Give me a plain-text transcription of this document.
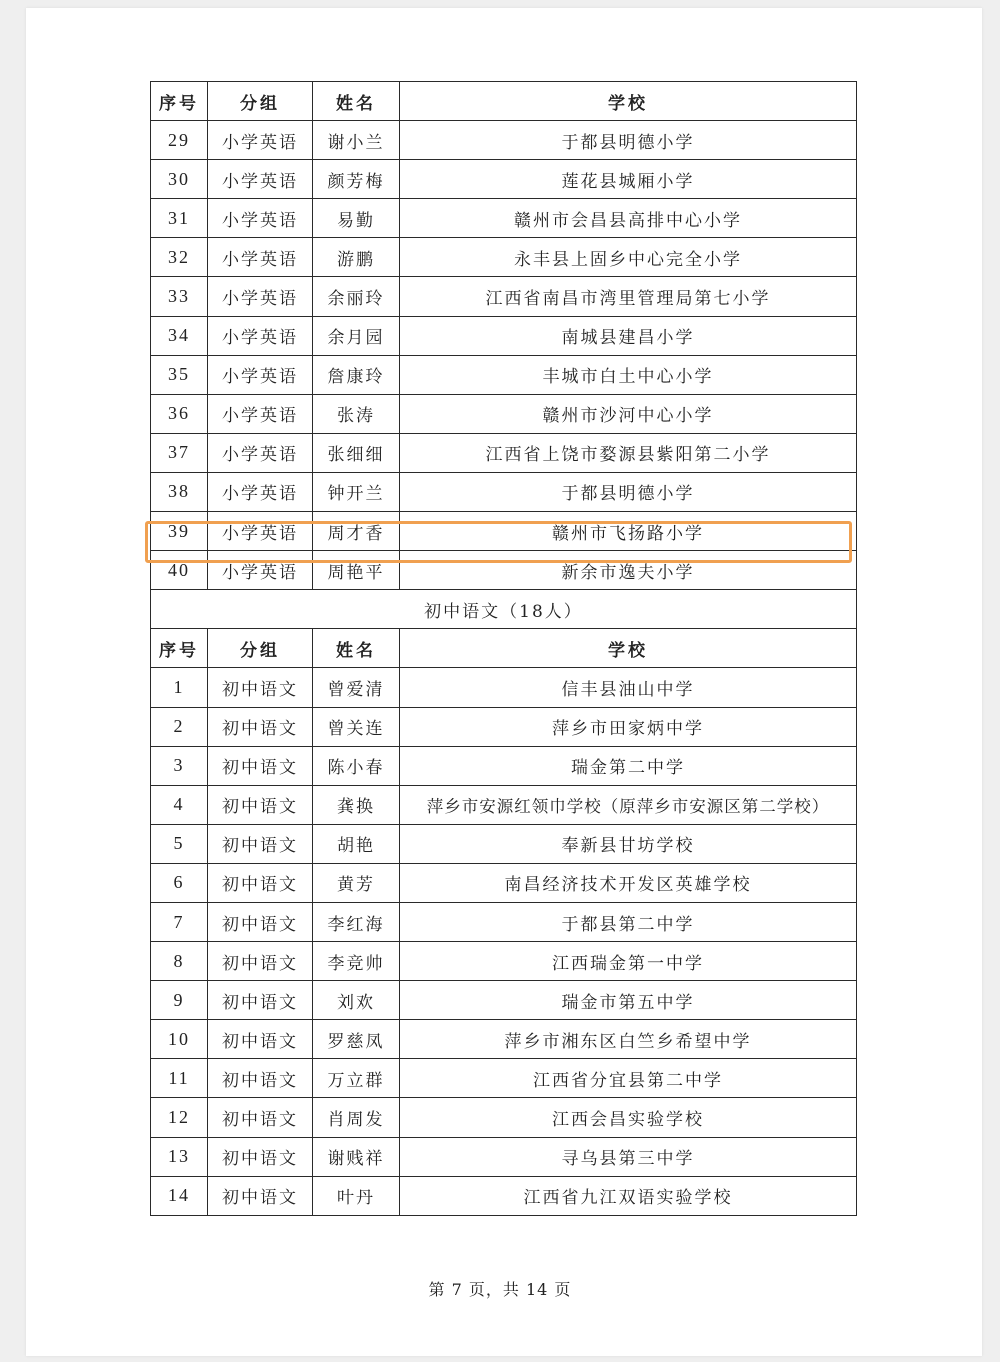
序号	分组	姓名	学校
29	小学英语	谢小兰	于都县明德小学
30	小学英语	颜芳梅	莲花县城厢小学
31	小学英语	易勤	赣州市会昌县高排中心小学
32	小学英语	游鹏	永丰县上固乡中心完全小学
33	小学英语	余丽玲	江西省南昌市湾里管理局第七小学
34	小学英语	余月园	南城县建昌小学
35	小学英语	詹康玲	丰城市白土中心小学
36	小学英语	张涛	赣州市沙河中心小学
37	小学英语	张细细	江西省上饶市婺源县紫阳第二小学
38	小学英语	钟开兰	于都县明德小学
39	小学英语	周才香	赣州市飞扬路小学
40	小学英语	周艳平	新余市逸夫小学
初中语文（18人）			
序号	分组	姓名	学校
1	初中语文	曾爱清	信丰县油山中学
2	初中语文	曾关连	萍乡市田家炳中学
3	初中语文	陈小春	瑞金第二中学
4	初中语文	龚换	萍乡市安源红领巾学校（原萍乡市安源区第二学校）
5	初中语文	胡艳	奉新县甘坊学校
6	初中语文	黄芳	南昌经济技术开发区英雄学校
7	初中语文	李红海	于都县第二中学
8	初中语文	李竞帅	江西瑞金第一中学
9	初中语文	刘欢	瑞金市第五中学
10	初中语文	罗慈凤	萍乡市湘东区白竺乡希望中学
11	初中语文	万立群	江西省分宜县第二中学
12	初中语文	肖周发	江西会昌实验学校
13	初中语文	谢贱祥	寻乌县第三中学
14	初中语文	叶丹	江西省九江双语实验学校
第 7 页，共 14 页
